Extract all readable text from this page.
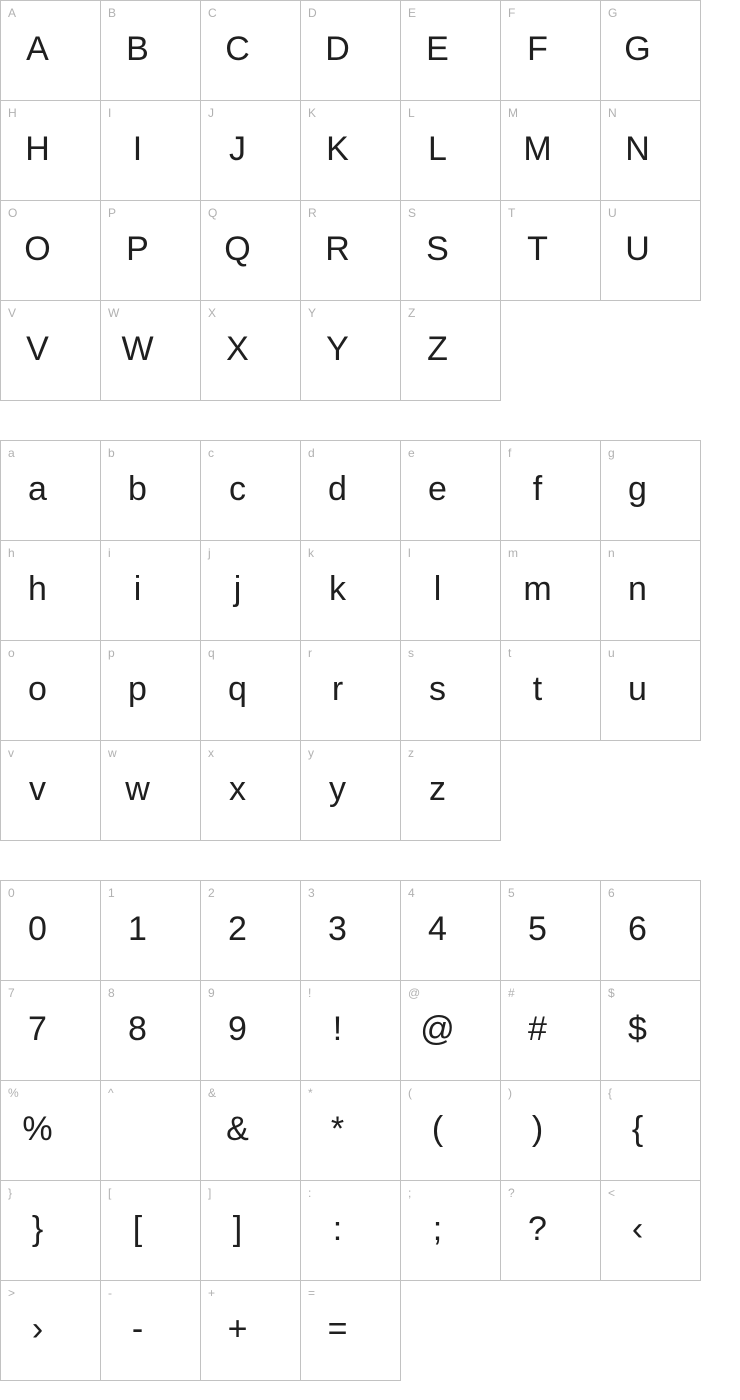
A
A
B
B
C
C
D
D
E
E
F
F
G
G
H
H
I
I
J
J
K
K
L
L
M
M
N
N
O
O
P
P
Q
Q
R
R
S
S
T
T
U
U
V
V
W
W
X
X
Y
Y
Z
Z
a
a
b
b
c
c
d
d
e
e
f
f
g
g
h
h
i
i
j
j
k
k
l
l
m
m
n
n
o
o
p
p
q
q
r
r
s
s
t
t
u
u
v
v
w
w
x
x
y
y
z
z
0
0
1
1
2
2
3
3
4
4
5
5
6
6
7
7
8
8
9
9
!
!
@
@
#
#
$
$
%
%
^	&
&
*
*
(
(
)
)
{
{
}
}
[
[
]
]
:
:
;
;
?
?
<
‹
>
›
-
-
+
+
=
=
